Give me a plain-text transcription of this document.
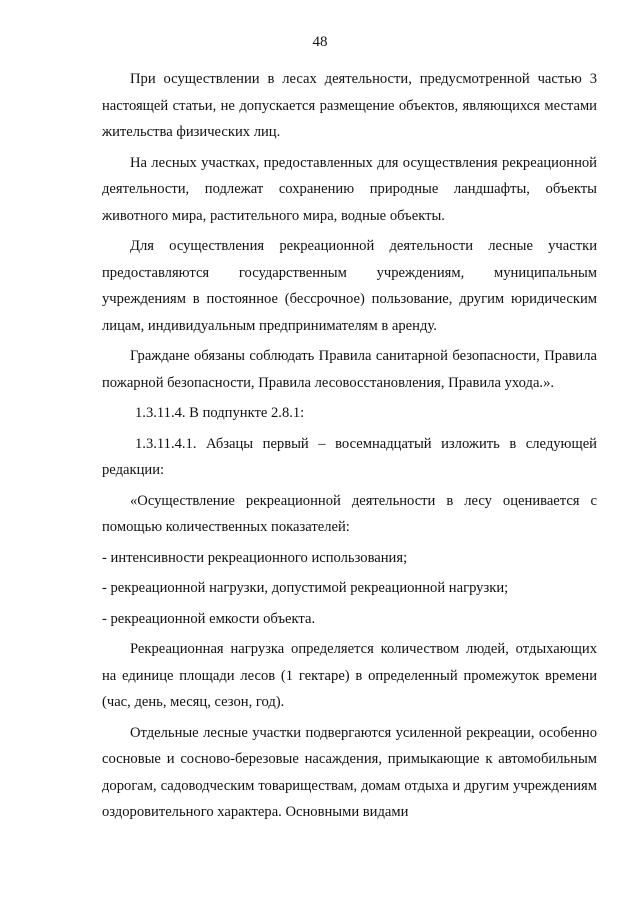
48

При осуществлении в лесах деятельности, предусмотренной частью 3 настоящей статьи, не допускается размещение объектов, являющихся местами жительства физических лиц.

На лесных участках, предоставленных для осуществления рекреационной деятельности, подлежат сохранению природные ландшафты, объекты животного мира, растительного мира, водные объекты.

Для осуществления рекреационной деятельности лесные участки предоставляются государственным учреждениям, муниципальным учреждениям в постоянное (бессрочное) пользование, другим юридическим лицам, индивидуальным предпринимателям в аренду.

Граждане обязаны соблюдать Правила санитарной безопасности, Правила пожарной безопасности, Правила лесовосстановления, Правила ухода.».

1.3.11.4. В подпункте 2.8.1:

1.3.11.4.1. Абзацы первый – восемнадцатый изложить в следующей редакции:

«Осуществление рекреационной деятельности в лесу оценивается с помощью количественных показателей:

- интенсивности рекреационного использования;

- рекреационной нагрузки, допустимой рекреационной нагрузки;

- рекреационной емкости объекта.

Рекреационная нагрузка определяется количеством людей, отдыхающих на единице площади лесов (1 гектаре) в определенный промежуток времени (час, день, месяц, сезон, год).

Отдельные лесные участки подвергаются усиленной рекреации, особенно сосновые и сосново-березовые насаждения, примыкающие к автомобильным дорогам, садоводческим товариществам, домам отдыха и другим учреждениям оздоровительного характера. Основными видами
